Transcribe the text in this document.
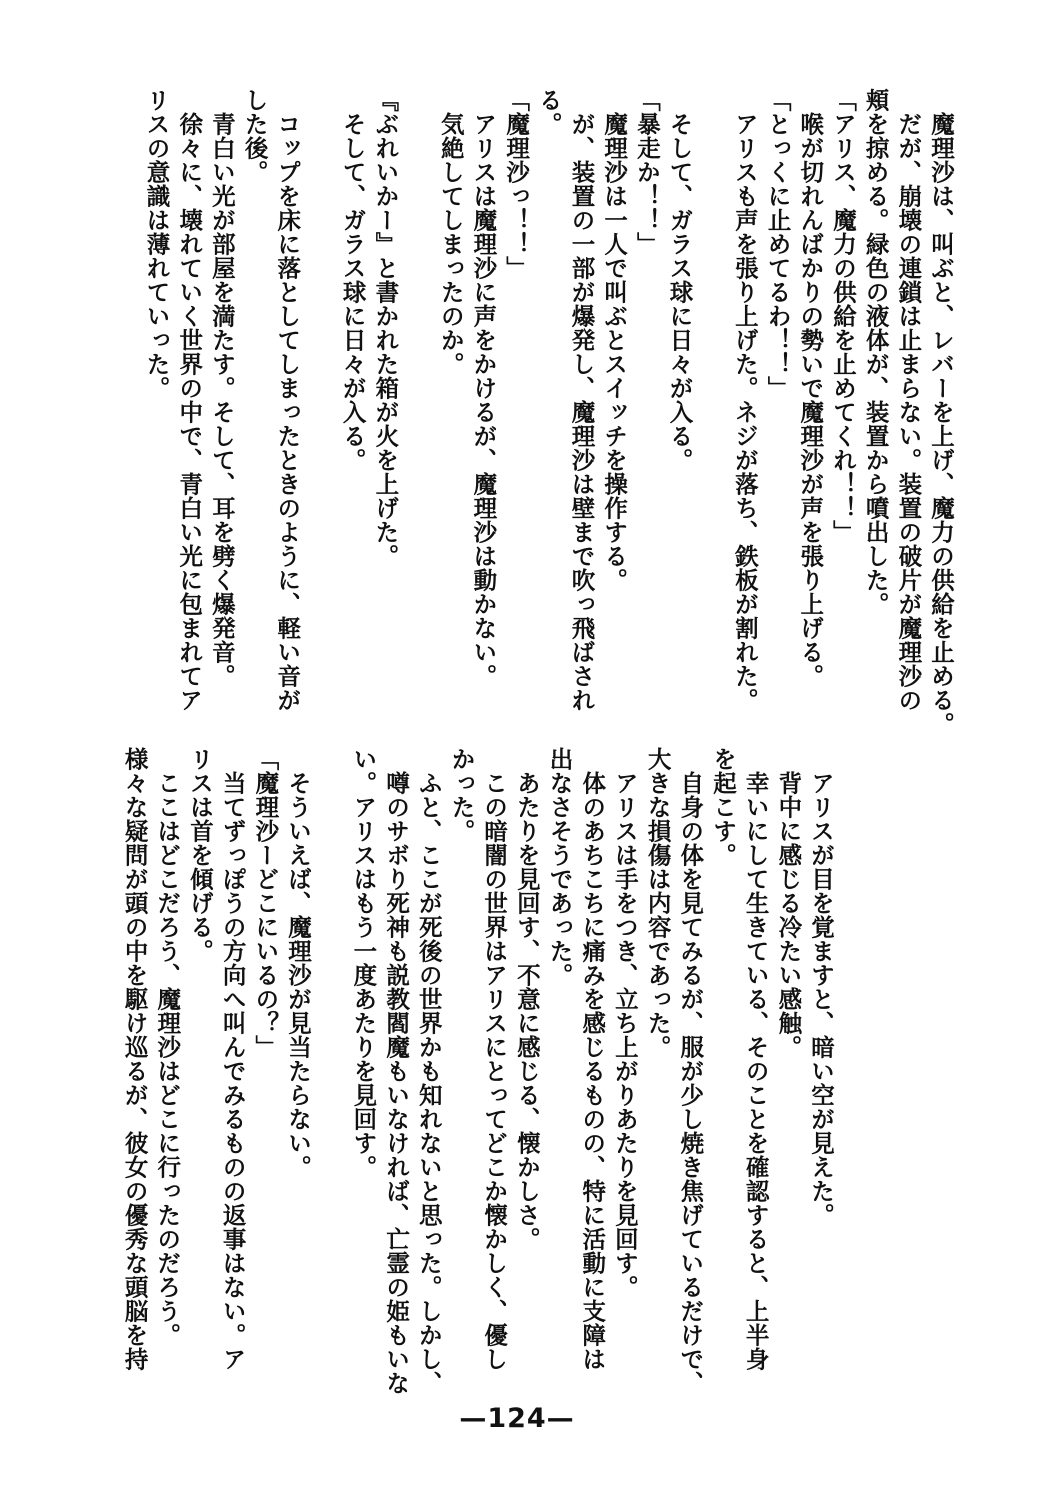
　魔理沙は、叫ぶと、レバーを上げ、魔力の供給を止める。
　だが、崩壊の連鎖は止まらない。装置の破片が魔理沙の
頬を掠める。緑色の液体が、装置から噴出した。
「アリス、魔力の供給を止めてくれ！！」
　喉が切れんばかりの勢いで魔理沙が声を張り上げる。
「とっくに止めてるわ！！」
　アリスも声を張り上げた。ネジが落ち、鉄板が割れた。

　そして、ガラス球に日々が入る。
「暴走か！！」
　魔理沙は一人で叫ぶとスイッチを操作する。
　が、装置の一部が爆発し、魔理沙は壁まで吹っ飛ばされ
る。
「魔理沙っ！！」
　アリスは魔理沙に声をかけるが、魔理沙は動かない。
　気絶してしまったのか。

『ぶれいかー』と書かれた箱が火を上げた。
　そして、ガラス球に日々が入る。

　コップを床に落としてしまったときのように、軽い音が
した後。
　青白い光が部屋を満たす。そして、耳を劈く爆発音。
　徐々に、壊れていく世界の中で、青白い光に包まれてア
リスの意識は薄れていった。
　アリスが目を覚ますと、暗い空が見えた。
　背中に感じる冷たい感触。
　幸いにして生きている、そのことを確認すると、上半身
を起こす。
　自身の体を見てみるが、服が少し焼き焦げているだけで、
大きな損傷は内容であった。
　アリスは手をつき、立ち上がりあたりを見回す。
　体のあちこちに痛みを感じるものの、特に活動に支障は
出なさそうであった。
　あたりを見回す、不意に感じる、懐かしさ。
　この暗闇の世界はアリスにとってどこか懐かしく、優し
かった。
　ふと、ここが死後の世界かも知れないと思った。しかし、
　噂のサボり死神も説教閻魔もいなければ、亡霊の姫もいな
い。アリスはもう一度あたりを見回す。

　そういえば、魔理沙が見当たらない。
「魔理沙ーどこにいるの？」
　当てずっぽうの方向へ叫んでみるものの返事はない。ア
リスは首を傾げる。
　ここはどこだろう、魔理沙はどこに行ったのだろう。
様々な疑問が頭の中を駆け巡るが、彼女の優秀な頭脳を持
—124—
